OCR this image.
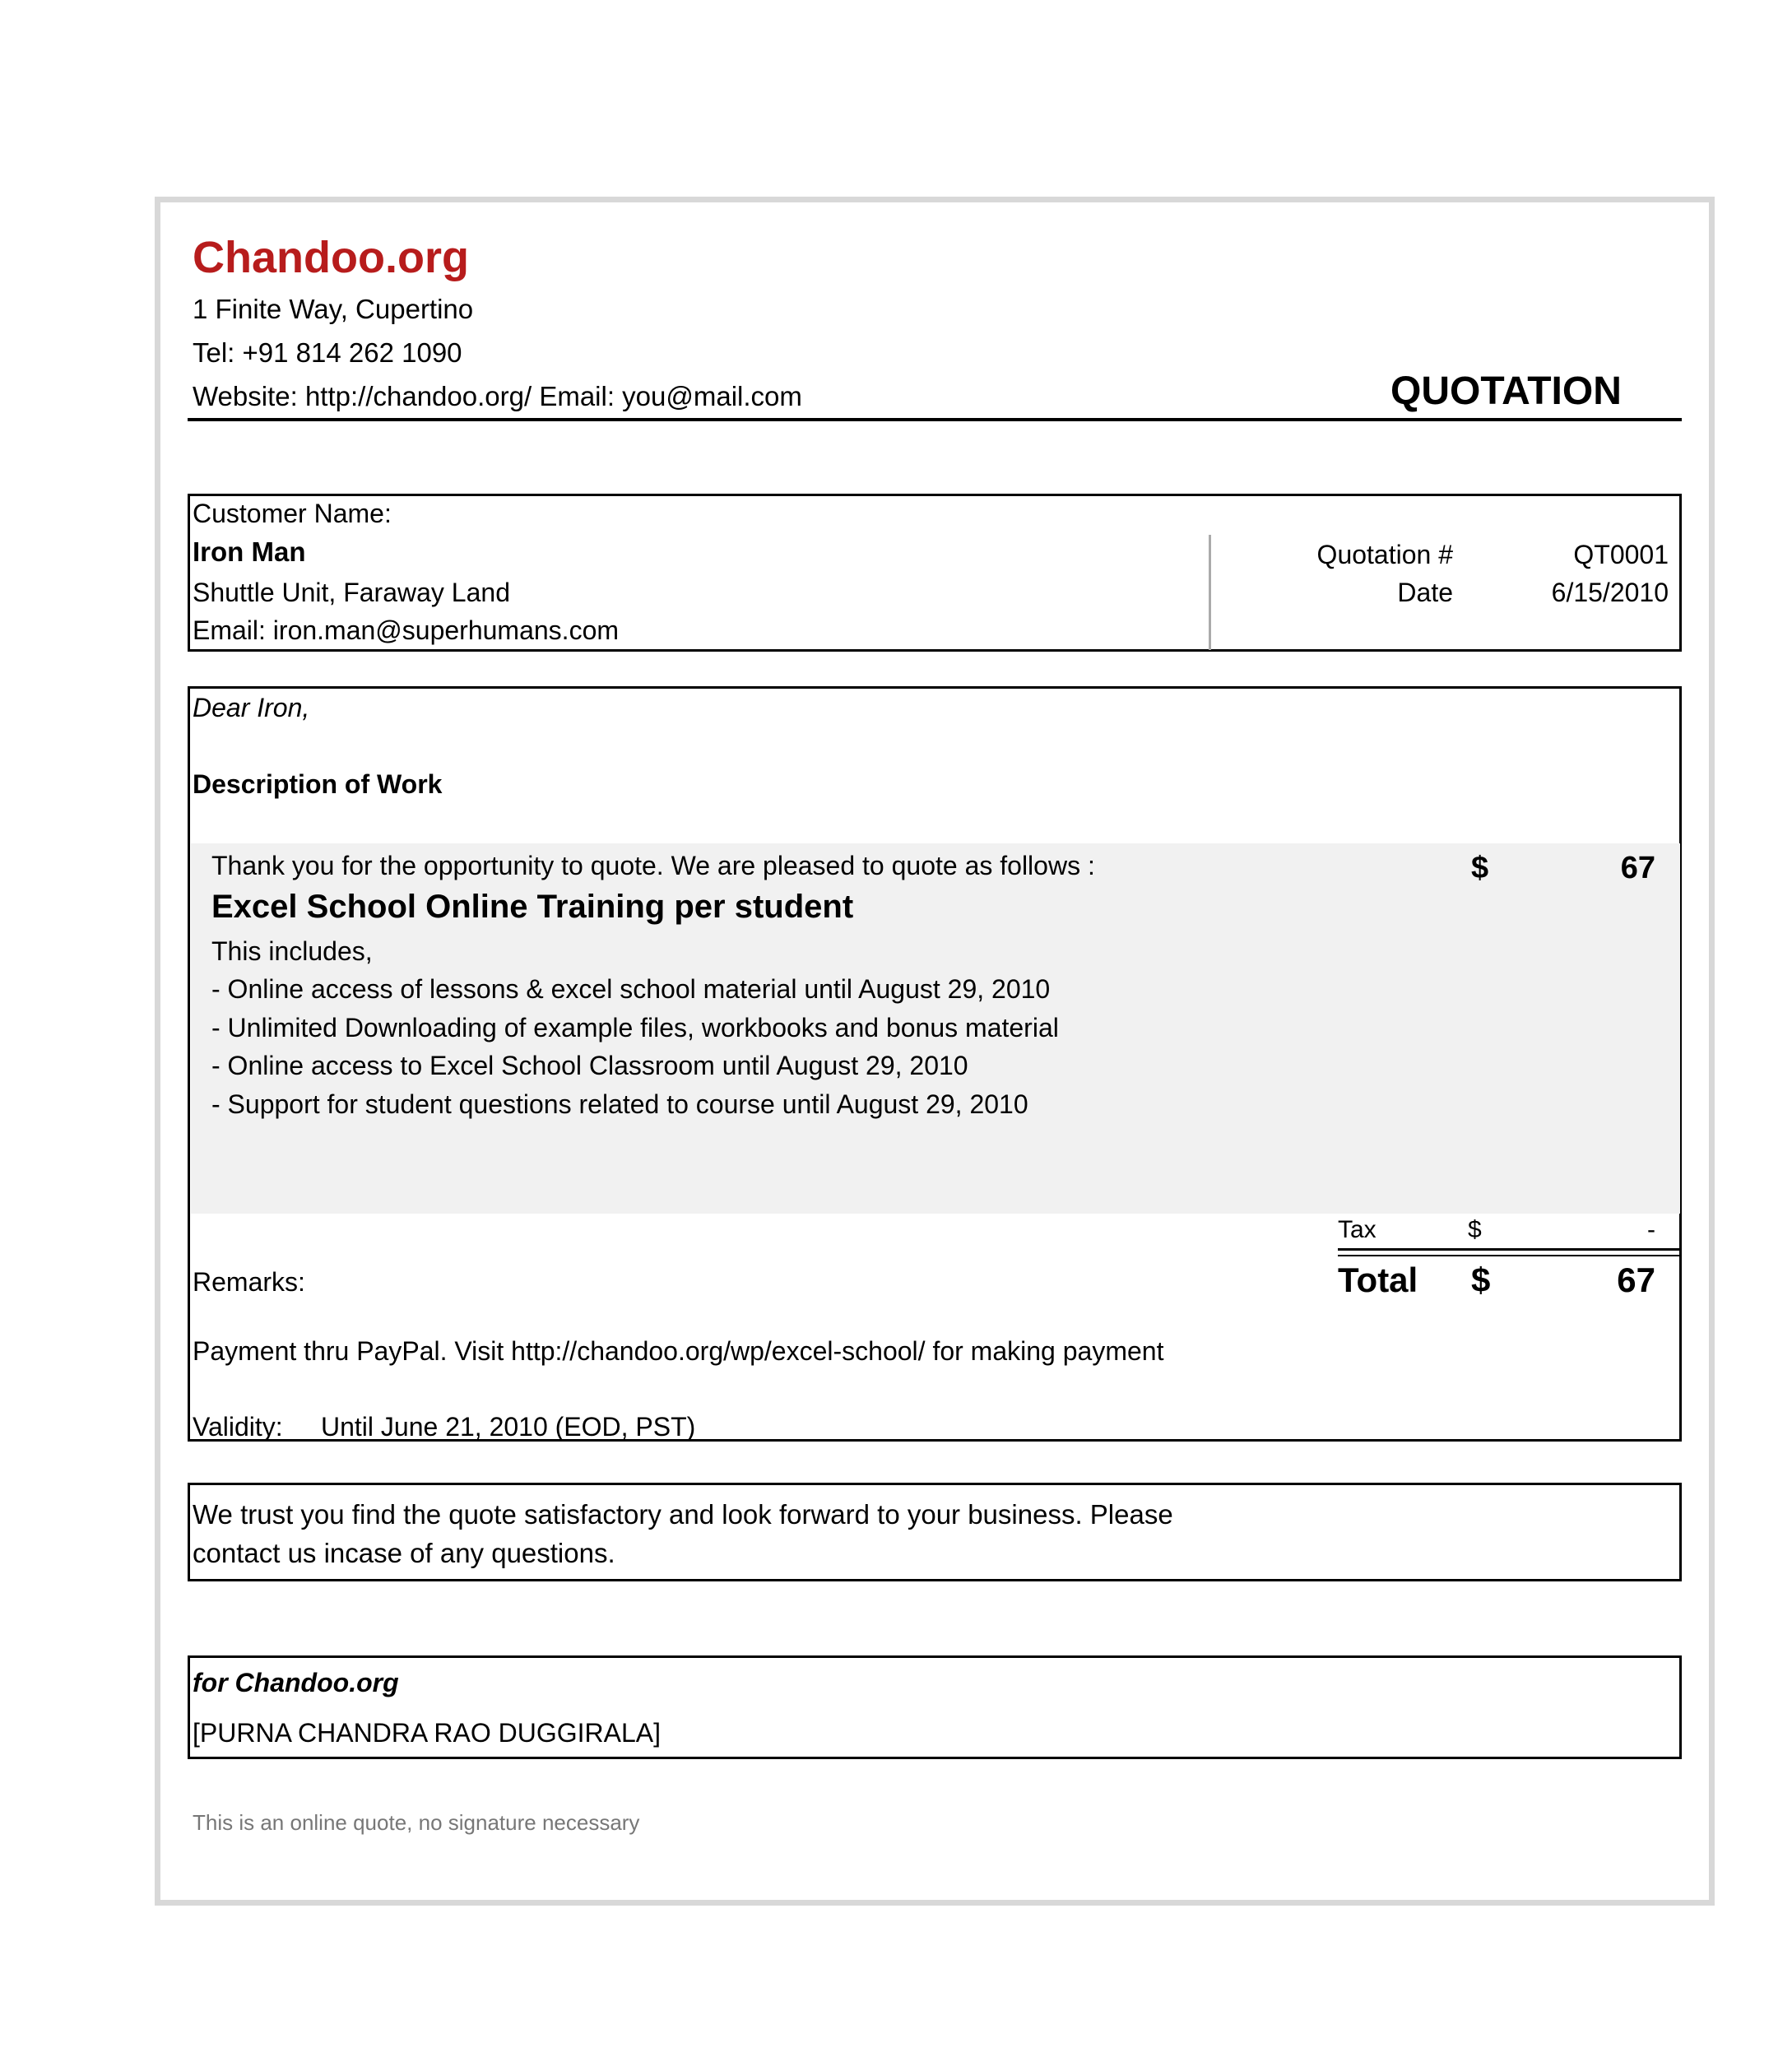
Chandoo.org
1 Finite Way, Cupertino
Tel: +91 814 262 1090
Website: http://chandoo.org/ Email: you@mail.com	QUOTATION
Customer Name:
Iron Man
Shuttle Unit, Faraway Land
Email: iron.man@superhumans.com
Quotation #	QT0001
Date	6/15/2010
Dear Iron,
Description of Work
Thank you for the opportunity to quote. We are pleased to quote as follows :
Excel School Online Training per student
This includes,
- Online access of lessons & excel school material until August 29, 2010
- Unlimited Downloading of example files, workbooks and bonus material
- Online access to Excel School Classroom until August 29, 2010
- Support for student questions related to course until August 29, 2010
$	67
Tax	$	-
Total $	67
Remarks:
Payment thru PayPal. Visit http://chandoo.org/wp/excel-school/ for making payment
Validity: Until June 21, 2010 (EOD, PST)
We trust you find the quote satisfactory and look forward to your business. Please
contact us incase of any questions.
for Chandoo.org
[PURNA CHANDRA RAO DUGGIRALA]
This is an online quote, no signature necessary
